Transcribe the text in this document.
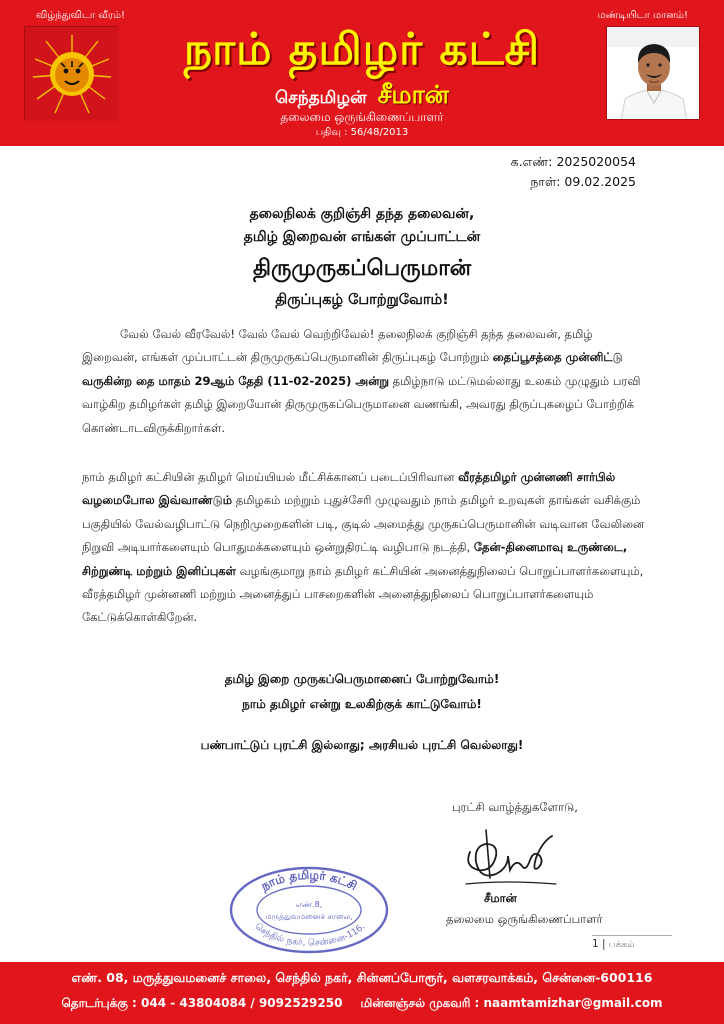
விழ்ந்துவிடா வீரம்!	மண்டியிடா மானம்!
நாம் தமிழர் கட்சி
செந்தமிழன் சீமான்
தலைமை ஒருங்கிணைப்பாளர்
பதிவு : 56/48/2013
க.எண்: 2025020054
நாள்: 09.02.2025
தலைநிலக் குறிஞ்சி தந்த தலைவன்,
தமிழ் இறைவன் எங்கள் முப்பாட்டன்
திருமுருகப்பெருமான்
திருப்புகழ் போற்றுவோம்!
வேல் வேல் வீரவேல்! வேல் வேல் வெற்றிவேல்! தலைநிலக் குறிஞ்சி தந்த தலைவன், தமிழ் இறைவன், எங்கள் முப்பாட்டன் திருமுருகப்பெருமானின் திருப்புகழ் போற்றும் தைப்பூசத்தை முன்னிட்டு வருகின்ற தை மாதம் 29ஆம் தேதி (11-02-2025) அன்று தமிழ்நாடு மட்டுமல்லாது உலகம் முழுதும் பரவி வாழ்கிற தமிழர்கள் தமிழ் இறையோன் திருமுருகப்பெருமானை வணங்கி, அவரது திருப்புகழைப் போற்றிக் கொண்டாடவிருக்கிறார்கள்.
நாம் தமிழர் கட்சியின் தமிழர் மெய்யியல் மீட்சிக்கானப் படைப்பிரிவான வீரத்தமிழர் முன்னணி சார்பில் வழமைபோல இவ்வாண்டும் தமிழகம் மற்றும் புதுச்சேரி முழுவதும் நாம் தமிழர் உறவுகள் தாங்கள் வசிக்கும் பகுதியில் வேல்வழிபாட்டு நெறிமுறைகளின் படி, குடில் அமைத்து முருகப்பெருமானின் வடிவான வேலினை நிறுவி அடியார்களையும் பொதுமக்களையும் ஒன்றுதிரட்டி வழிபாடு நடத்தி, தேன்-தினைமாவு உருண்டை, சிற்றுண்டி மற்றும் இனிப்புகள் வழங்குமாறு நாம் தமிழர் கட்சியின் அனைத்துநிலைப் பொறுப்பாளர்களையும், வீரத்தமிழர் முன்னணி மற்றும் அனைத்துப் பாசறைகளின் அனைத்துநிலைப் பொறுப்பாளர்களையும் கேட்டுக்கொள்கிறேன்.
தமிழ் இறை முருகப்பெருமானைப் போற்றுவோம்!
நாம் தமிழர் என்று உலகிற்குக் காட்டுவோம்!
பண்பாட்டுப் புரட்சி இல்லாது; அரசியல் புரட்சி வெல்லாது!
புரட்சி வாழ்த்துகளோடு,
சீமான்
தலைமை ஒருங்கிணைப்பாளர்
நாம் தமிழர் கட்சி
எண்.8,
மருத்துவமனைச் சாலை,
செந்தில் நகர், சென்னை-116.
1 | பக்கம்
எண். 08, மருத்துவமனைச் சாலை, செந்தில் நகர், சின்னப்போரூர், வளசரவாக்கம், சென்னை-600116
தொடர்புக்கு : 044 - 43804084 / 9092529250 மின்னஞ்சல் முகவரி : naamtamizhar@gmail.com
